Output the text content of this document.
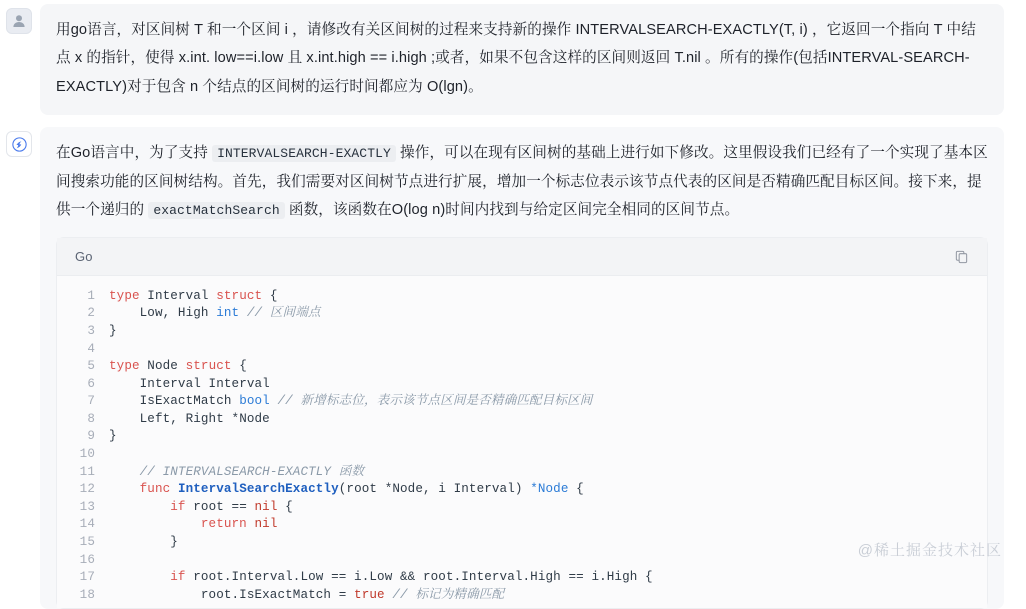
用go语言，对区间树 T 和一个区间 i ，请修改有关区间树的过程来支持新的操作 INTERVALSEARCH-EXACTLY(T, i) ，它返回一个指向 T 中结点 x 的指针，使得 x.int. low==i.low 且 x.int.high == i.high ;或者，如果不包含这样的区间则返回 T.nil 。所有的操作(包括INTERVAL-SEARCH-EXACTLY)对于包含 n 个结点的区间树的运行时间都应为 O(lgn)。

在Go语言中，为了支持 INTERVALSEARCH-EXACTLY 操作，可以在现有区间树的基础上进行如下修改。这里假设我们已经有了一个实现了基本区间搜索功能的区间树结构。首先，我们需要对区间树节点进行扩展，增加一个标志位表示该节点代表的区间是否精确匹配目标区间。接下来，提供一个递归的 exactMatchSearch 函数，该函数在O(log n)时间内找到与给定区间完全相同的区间节点。

Go
1	type Interval struct {
2	Low, High int // 区间端点
3	}
4

5	type Node struct {
6	Interval Interval
7	IsExactMatch bool // 新增标志位，表示该节点区间是否精确匹配目标区间
8	Left, Right *Node
9	}
10

11	// INTERVALSEARCH-EXACTLY 函数
12	func IntervalSearchExactly(root *Node, i Interval) *Node {
13	if root == nil {
14	return nil
15	}
16

17	if root.Interval.Low == i.Low && root.Interval.High == i.High {
18	root.IsExactMatch = true // 标记为精确匹配
@稀土掘金技术社区
